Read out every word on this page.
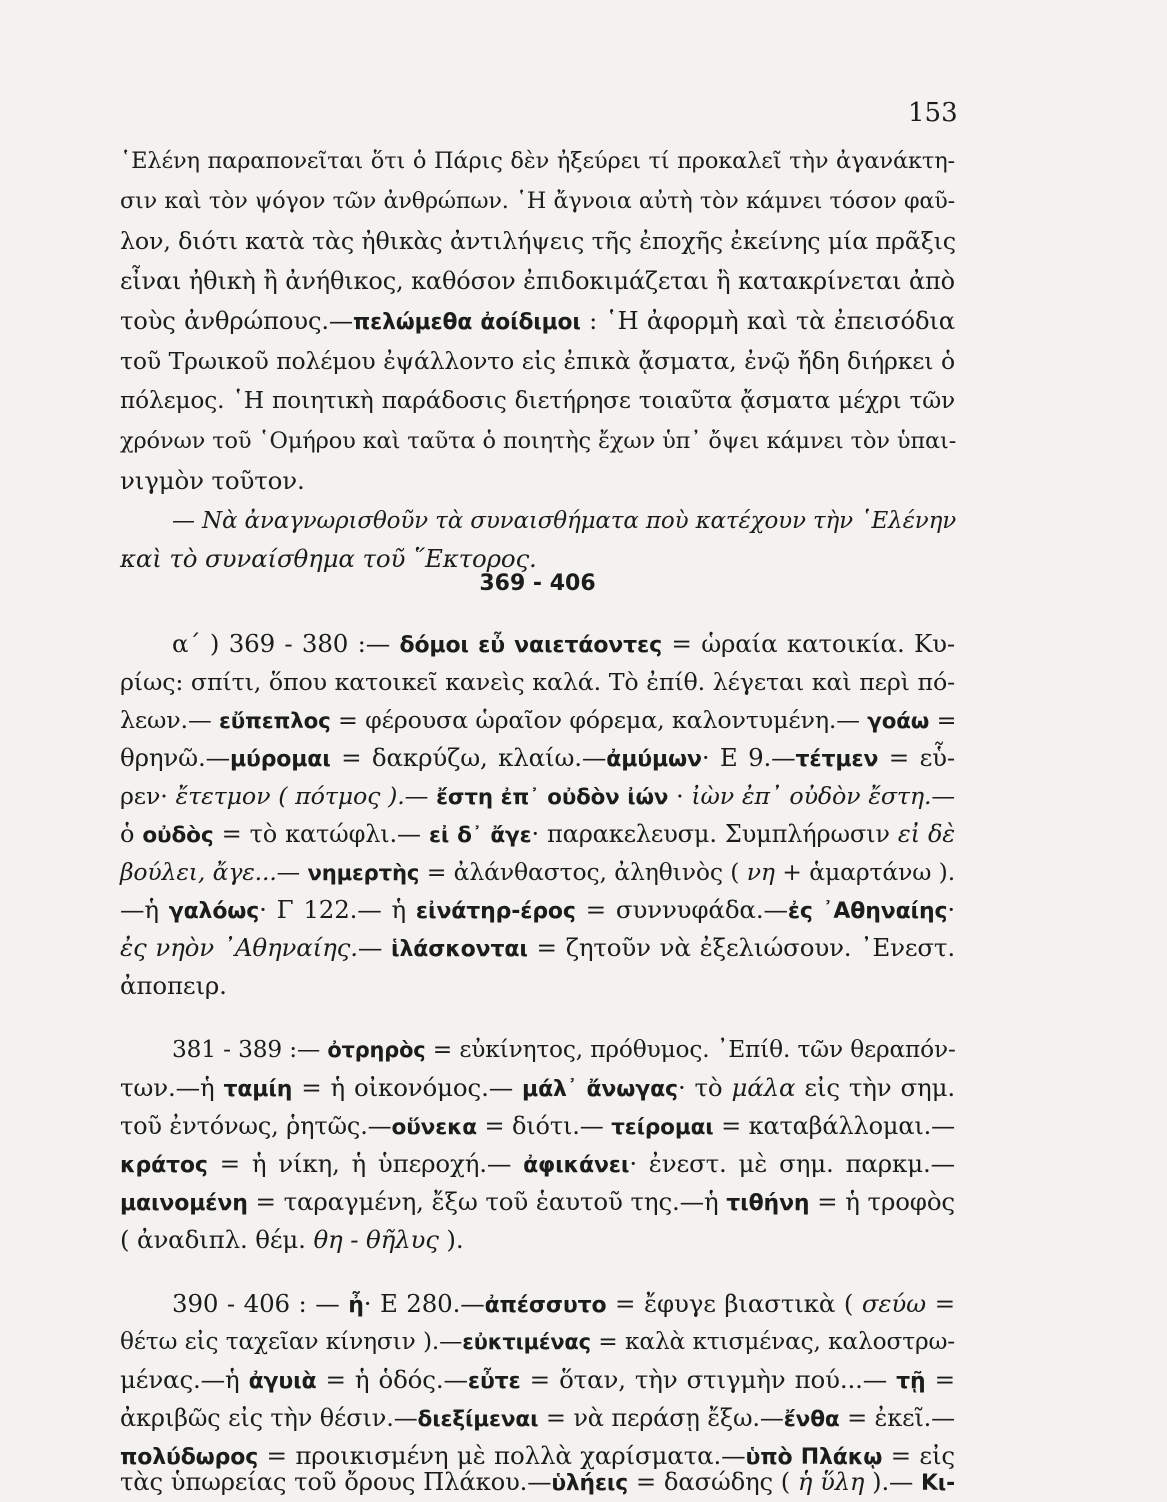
153
῾Ελένη παραπονεῖται ὅτι ὁ Πάρις δὲν ἠξεύρει τί προκαλεῖ τὴν ἀγανάκτη-
σιν καὶ τὸν ψόγον τῶν ἀνθρώπων. ῾Η ἄγνοια αὐτὴ τὸν κάμνει τόσον φαῦ-
λον, διότι κατὰ τὰς ἠθικὰς ἀντιλήψεις τῆς ἐποχῆς ἐκείνης μία πρᾶξις
εἶναι ἠθικὴ ἢ ἀνήθικος, καθόσον ἐπιδοκιμάζεται ἢ κατακρίνεται ἀπὸ
τοὺς ἀνθρώπους.—πελώμεθα ἀοίδιμοι : ῾Η ἀφορμὴ καὶ τὰ ἐπεισόδια
τοῦ Τρωικοῦ πολέμου ἐψάλλοντο εἰς ἐπικὰ ᾄσματα, ἐνῷ ἤδη διήρκει ὁ
πόλεμος. ῾Η ποιητικὴ παράδοσις διετήρησε τοιαῦτα ᾄσματα μέχρι τῶν
χρόνων τοῦ ῾Ομήρου καὶ ταῦτα ὁ ποιητὴς ἔχων ὑπ᾽ ὄψει κάμνει τὸν ὑπαι-
νιγμὸν τοῦτον.
— Νὰ ἀναγνωρισθοῦν τὰ συναισθήματα ποὺ κατέχουν τὴν ῾Ελένην
καὶ τὸ συναίσθημα τοῦ ῞Εκτορος.
369 - 406
α΄ ) 369 - 380 :— δόμοι εὖ ναιετάοντες = ὡραία κατοικία. Κυ-
ρίως: σπίτι, ὅπου κατοικεῖ κανεὶς καλά. Τὸ ἐπίθ. λέγεται καὶ περὶ πό-
λεων.— εὔπεπλος = φέρουσα ὡραῖον φόρεμα, καλοντυμένη.— γοάω =
θρηνῶ.—μύρομαι = δακρύζω, κλαίω.—ἀμύμων· Ε 9.—τέτμεν = εὗ-
ρεν· ἔτετμον ( πότμος ).— ἔστη ἐπ᾽ οὐδὸν ἰών · ἰὼν ἐπ᾽ οὐδὸν ἔστη.—
ὁ οὐδὸς = τὸ κατώφλι.— εἰ δ᾽ ἄγε· παρακελευσμ. Συμπλήρωσιν εἰ δὲ
βούλει, ἄγε...— νημερτὴς = ἀλάνθαστος, ἀληθινὸς ( νη + ἁμαρτάνω ).
—ἡ γαλόως· Γ 122.— ἡ εἰνάτηρ-έρος = συννυφάδα.—ἐς ᾽Αθηναίης·
ἐς νηὸν ᾽Αθηναίης.— ἱλάσκονται = ζητοῦν νὰ ἐξελιώσουν. ᾽Ενεστ.
ἀποπειρ.
381 - 389 :— ὀτρηρὸς = εὐκίνητος, πρόθυμος. ᾽Επίθ. τῶν θεραπόν-
των.—ἡ ταμίη = ἡ οἰκονόμος.— μάλ᾽ ἄνωγας· τὸ μάλα εἰς τὴν σημ.
τοῦ ἐντόνως, ῥητῶς.—οὕνεκα = διότι.— τείρομαι = καταβάλλομαι.—
κράτος = ἡ νίκη, ἡ ὑπεροχή.— ἀφικάνει· ἐνεστ. μὲ σημ. παρκμ.—
μαινομένη = ταραγμένη, ἔξω τοῦ ἑαυτοῦ της.—ἡ τιθήνη = ἡ τροφὸς
( ἀναδιπλ. θέμ. θη - θῆλυς ).
390 - 406 : — ἦ· Ε 280.—ἀπέσσυτο = ἔφυγε βιαστικὰ ( σεύω =
θέτω εἰς ταχεῖαν κίνησιν ).—εὐκτιμένας = καλὰ κτισμένας, καλοστρω-
μένας.—ἡ ἀγυιὰ = ἡ ὁδός.—εὖτε = ὅταν, τὴν στιγμὴν πού...— τῇ =
ἀκριβῶς εἰς τὴν θέσιν.—διεξίμεναι = νὰ περάσῃ ἔξω.—ἔνθα = ἐκεῖ.—
πολύδωρος = προικισμένη μὲ πολλὰ χαρίσματα.—ὑπὸ Πλάκῳ = εἰς
τὰς ὑπωρείας τοῦ ὄρους Πλάκου.—ὑλήεις = δασώδης ( ἡ ὕλη ).— Κι-
